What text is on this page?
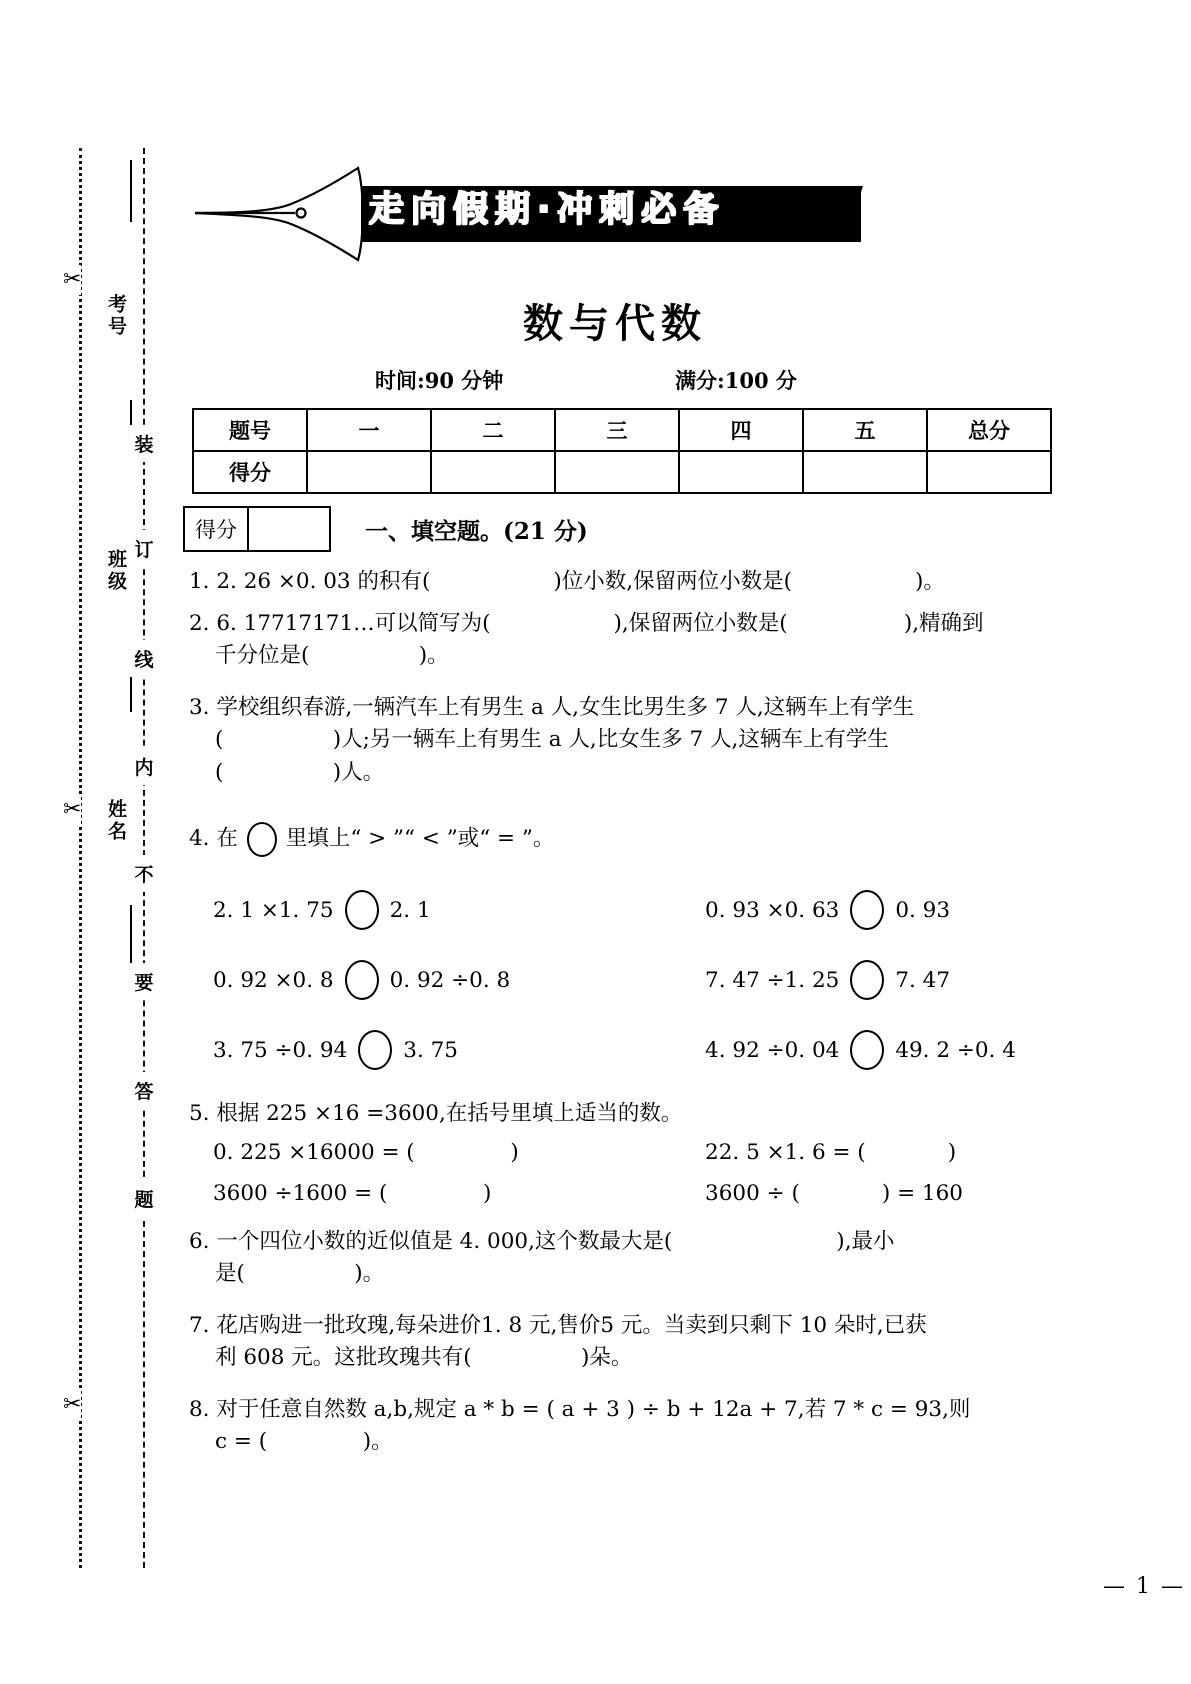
✂
✂
✂
考号
班级
姓名
装
订
线
内
不
要
答
题
走向假期·冲刺必备
数与代数
时间:90 分钟	满分:100 分
题号	一	二	三	四	五	总分
得分						
得分	一、填空题。(21 分)
1. 2. 26 ×0. 03 的积有(                  )位小数,保留两位小数是(                  )。
2. 6. 17717171…可以简写为(                  ),保留两位小数是(                 ),精确到
千分位是(                )。
3. 学校组织春游,一辆汽车上有男生 a 人,女生比男生多 7 人,这辆车上有学生
(                )人;另一辆车上有男生 a 人,比女生多 7 人,这辆车上有学生
(                )人。
4. 在 里填上“ > ”“ < ”或“ = ”。
2. 1 ×1. 75	2. 1	0. 93 ×0. 63	0. 93
0. 92 ×0. 8	0. 92 ÷0. 8	7. 47 ÷1. 25	7. 47
3. 75 ÷0. 94	3. 75	4. 92 ÷0. 04	49. 2 ÷0. 4
5. 根据 225 ×16 =3600,在括号里填上适当的数。
0. 225 ×16000 = (              )	22. 5 ×1. 6 = (            )
3600 ÷1600 = (              )	3600 ÷ (            ) = 160
6. 一个四位小数的近似值是 4. 000,这个数最大是(                        ),最小
是(                )。
7. 花店购进一批玫瑰,每朵进价1. 8 元,售价5 元。当卖到只剩下 10 朵时,已获
利 608 元。这批玫瑰共有(                )朵。
8. 对于任意自然数 a,b,规定 a * b = ( a + 3 ) ÷ b + 12a + 7,若 7 * c = 93,则
c = (              )。
— 1 —
